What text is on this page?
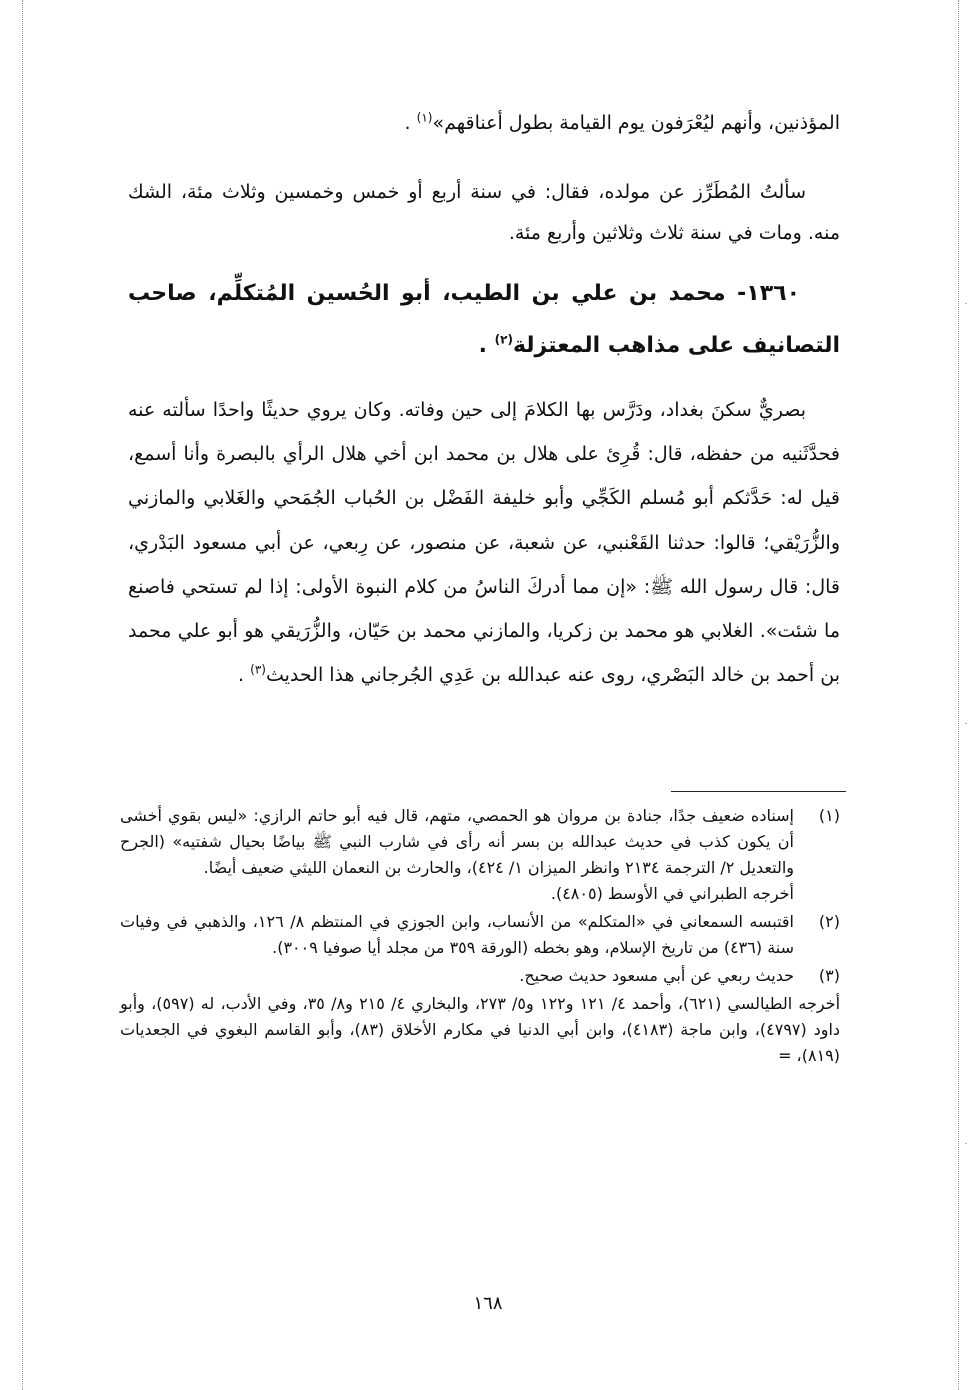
·
·
·
المؤذنين، وأنهم ليُعْرَفون يوم القيامة بطول أعناقهم»$^{(١)}$ .
سألتُ المُطَرِّز عن مولده، فقال: في سنة أربع أو خمس وخمسين وثلاث مئة، الشك منه. ومات في سنة ثلاث وثلاثين وأربع مئة.
١٣٦٠- محمد بن علي بن الطيب، أبو الحُسين المُتكلِّم، صاحب التصانيف على مذاهب المعتزلة$^{(٢)}$ .
بصريٌّ سكنَ بغداد، ودَرَّس بها الكلامَ إلى حين وفاته. وكان يروي حديثًا واحدًا سألته عنه فحدَّثَنيه من حفظه، قال: قُرِئ على هلال بن محمد ابن أخي هلال الرأي بالبصرة وأنا أسمع، قيل له: حَدَّثكم أبو مُسلم الكَجِّي وأبو خليفة الفَضْل بن الحُباب الجُمَحي والغَلابي والمازني والزُّرَيْقي؛ قالوا: حدثنا القَعْنبي، عن شعبة، عن منصور، عن رِبعي، عن أبي مسعود البَدْري، قال: قال رسول الله ﷺ: «إن مما أدركَ الناسُ من كلام النبوة الأولى: إذا لم تستحي فاصنع ما شئت». الغلابي هو محمد بن زكريا، والمازني محمد بن حَيّان، والزُّرَيقي هو أبو علي محمد بن أحمد بن خالد البَصْري، روى عنه عبدالله بن عَدِي الجُرجاني هذا الحديث$^{(٣)}$ .
(١)
إسناده ضعيف جدًا، جنادة بن مروان هو الحمصي، متهم، قال فيه أبو حاتم الرازي: «ليس بقوي أخشى أن يكون كذب في حديث عبدالله بن بسر أنه رأى في شارب النبي ﷺ بياضًا بحيال شفتيه» (الجرح والتعديل ٢/ الترجمة ٢١٣٤ وانظر الميزان ١/ ٤٢٤)، والحارث بن النعمان الليثي ضعيف أيضًا.
أخرجه الطبراني في الأوسط (٤٨٠٥).
(٢)
اقتبسه السمعاني في «المتكلم» من الأنساب، وابن الجوزي في المنتظم ٨/ ١٢٦، والذهبي في وفيات سنة (٤٣٦) من تاريخ الإسلام، وهو بخطه (الورقة ٣٥٩ من مجلد أيا صوفيا ٣٠٠٩).
(٣)
حديث ربعي عن أبي مسعود حديث صحيح.
أخرجه الطيالسي (٦٢١)، وأحمد ٤/ ١٢١ و١٢٢ و٥/ ٢٧٣، والبخاري ٤/ ٢١٥ و٨/ ٣٥، وفي الأدب، له (٥٩٧)، وأبو داود (٤٧٩٧)، وابن ماجة (٤١٨٣)، وابن أبي الدنيا في مكارم الأخلاق (٨٣)، وأبو القاسم البغوي في الجعديات (٨١٩)، =
١٦٨
